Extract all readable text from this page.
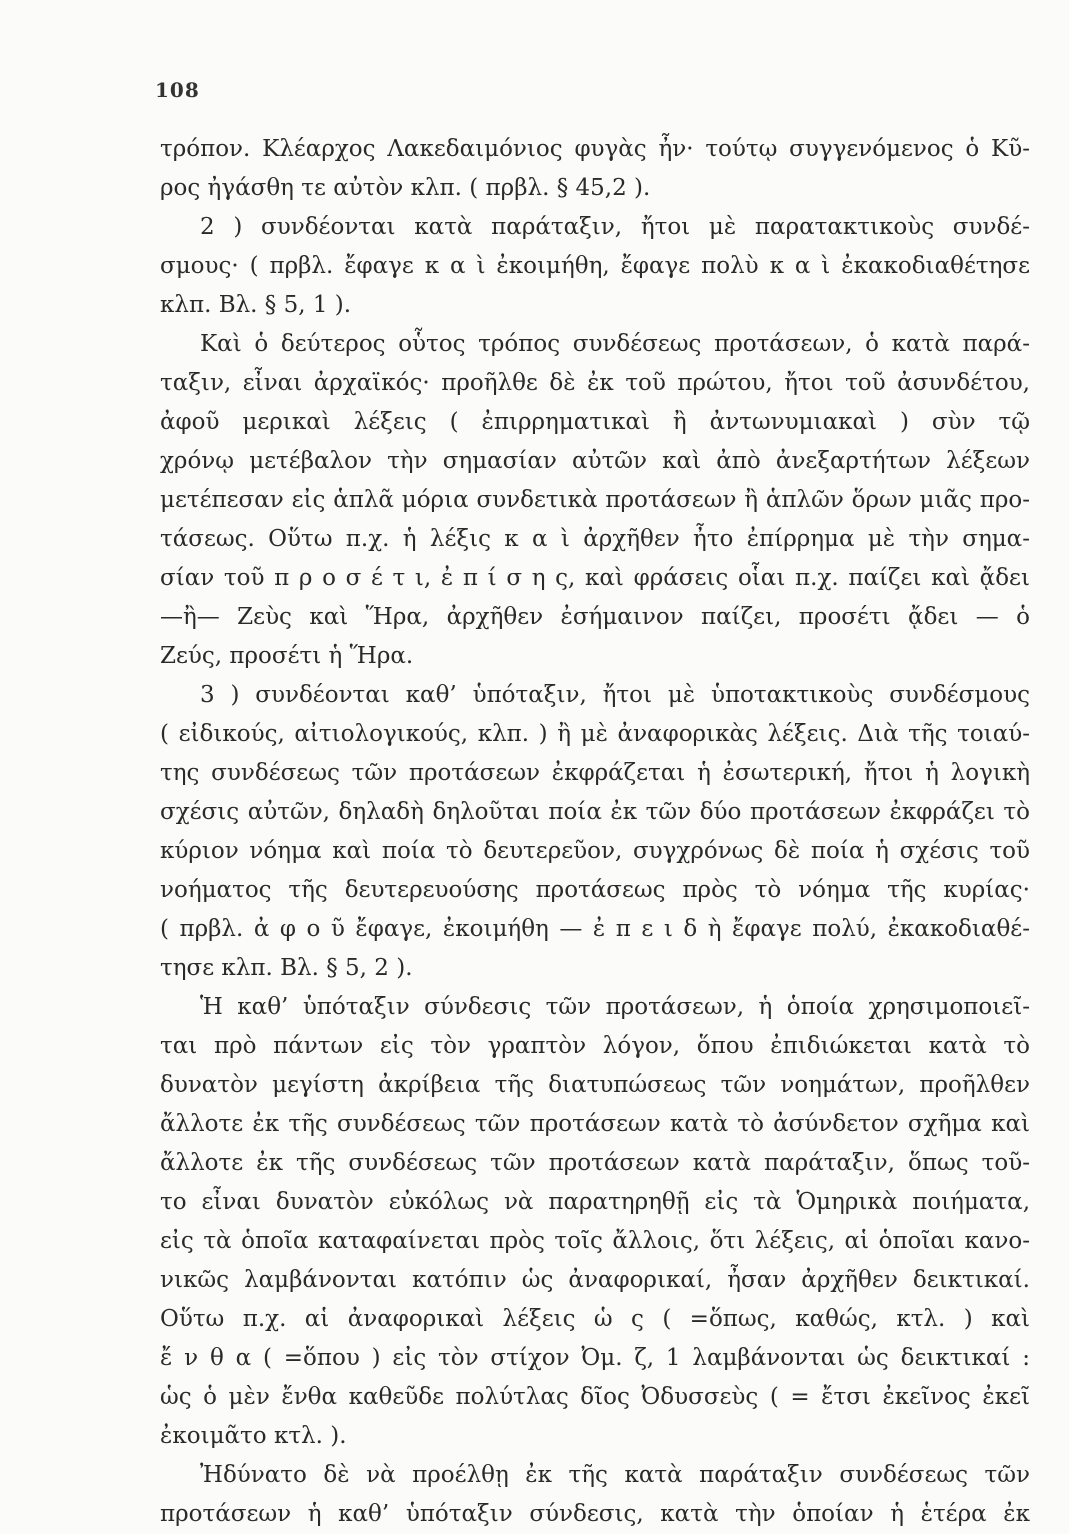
108
τρόπον. Κλέαρχος Λακεδαιμόνιος φυγὰς ἦν· τούτῳ συγγενόμενος ὁ Κῦ-
ρος ἠγάσθη τε αὐτὸν κλπ. ( πρβλ. § 45,2 ).
2 ) συνδέονται κατὰ παράταξιν, ἤτοι μὲ παρατακτικοὺς συνδέ-
σμους· ( πρβλ. ἔφαγε κ α ὶ ἐκοιμήθη, ἔφαγε πολὺ κ α ὶ ἐκακοδιαθέτησε
κλπ. Βλ. § 5, 1 ).
Καὶ ὁ δεύτερος οὗτος τρόπος συνδέσεως προτάσεων, ὁ κατὰ παρά-
ταξιν, εἶναι ἀρχαϊκός· προῆλθε δὲ ἐκ τοῦ πρώτου, ἤτοι τοῦ ἀσυνδέτου,
ἀφοῦ μερικαὶ λέξεις ( ἐπιρρηματικαὶ ἢ ἀντωνυμιακαὶ ) σὺν τῷ
χρόνῳ μετέβαλον τὴν σημασίαν αὐτῶν καὶ ἀπὸ ἀνεξαρτήτων λέξεων
μετέπεσαν εἰς ἁπλᾶ μόρια συνδετικὰ προτάσεων ἢ ἁπλῶν ὅρων μιᾶς προ-
τάσεως. Οὕτω π.χ. ἡ λέξις κ α ὶ ἀρχῆθεν ἦτο ἐπίρρημα μὲ τὴν σημα-
σίαν τοῦ π ρ ο σ έ τ ι, ἐ π ί σ η ς, καὶ φράσεις οἷαι π.χ. παίζει καὶ ᾄδει
—ἢ— Ζεὺς καὶ Ἥρα, ἀρχῆθεν ἐσήμαινον παίζει, προσέτι ᾄδει — ὁ
Ζεύς, προσέτι ἡ Ἥρα.
3 ) συνδέονται καθ’ ὑπόταξιν, ἤτοι μὲ ὑποτακτικοὺς συνδέσμους
( εἰδικούς, αἰτιολογικούς, κλπ. ) ἢ μὲ ἀναφορικὰς λέξεις. Διὰ τῆς τοιαύ-
της συνδέσεως τῶν προτάσεων ἐκφράζεται ἡ ἐσωτερική, ἤτοι ἡ λογικὴ
σχέσις αὐτῶν, δηλαδὴ δηλοῦται ποία ἐκ τῶν δύο προτάσεων ἐκφράζει τὸ
κύριον νόημα καὶ ποία τὸ δευτερεῦον, συγχρόνως δὲ ποία ἡ σχέσις τοῦ
νοήματος τῆς δευτερευούσης προτάσεως πρὸς τὸ νόημα τῆς κυρίας·
( πρβλ. ἀ φ ο ῦ ἔφαγε, ἐκοιμήθη — ἐ π ε ι δ ὴ ἔφαγε πολύ, ἐκακοδιαθέ-
τησε κλπ. Βλ. § 5, 2 ).
Ἡ καθ’ ὑπόταξιν σύνδεσις τῶν προτάσεων, ἡ ὁποία χρησιμοποιεῖ-
ται πρὸ πάντων εἰς τὸν γραπτὸν λόγον, ὅπου ἐπιδιώκεται κατὰ τὸ
δυνατὸν μεγίστη ἀκρίβεια τῆς διατυπώσεως τῶν νοημάτων, προῆλθεν
ἄλλοτε ἐκ τῆς συνδέσεως τῶν προτάσεων κατὰ τὸ ἀσύνδετον σχῆμα καὶ
ἄλλοτε ἐκ τῆς συνδέσεως τῶν προτάσεων κατὰ παράταξιν, ὅπως τοῦ-
το εἶναι δυνατὸν εὐκόλως νὰ παρατηρηθῇ εἰς τὰ Ὁμηρικὰ ποιήματα,
εἰς τὰ ὁποῖα καταφαίνεται πρὸς τοῖς ἄλλοις, ὅτι λέξεις, αἱ ὁποῖαι κανο-
νικῶς λαμβάνονται κατόπιν ὡς ἀναφορικαί, ἦσαν ἀρχῆθεν δεικτικαί.
Οὕτω π.χ. αἱ ἀναφορικαὶ λέξεις ὡ ς ( =ὅπως, καθώς, κτλ. ) καὶ
ἔ ν θ α ( =ὅπου ) εἰς τὸν στίχον Ὀμ. ζ, 1 λαμβάνονται ὡς δεικτικαί :
ὡς ὁ μὲν ἔνθα καθεῦδε πολύτλας δῖος Ὀδυσσεὺς ( = ἔτσι ἐκεῖνος ἐκεῖ
ἐκοιμᾶτο κτλ. ).
Ἠδύνατο δὲ νὰ προέλθῃ ἐκ τῆς κατὰ παράταξιν συνδέσεως τῶν
προτάσεων ἡ καθ’ ὑπόταξιν σύνδεσις, κατὰ τὴν ὁποίαν ἡ ἑτέρα ἐκ
